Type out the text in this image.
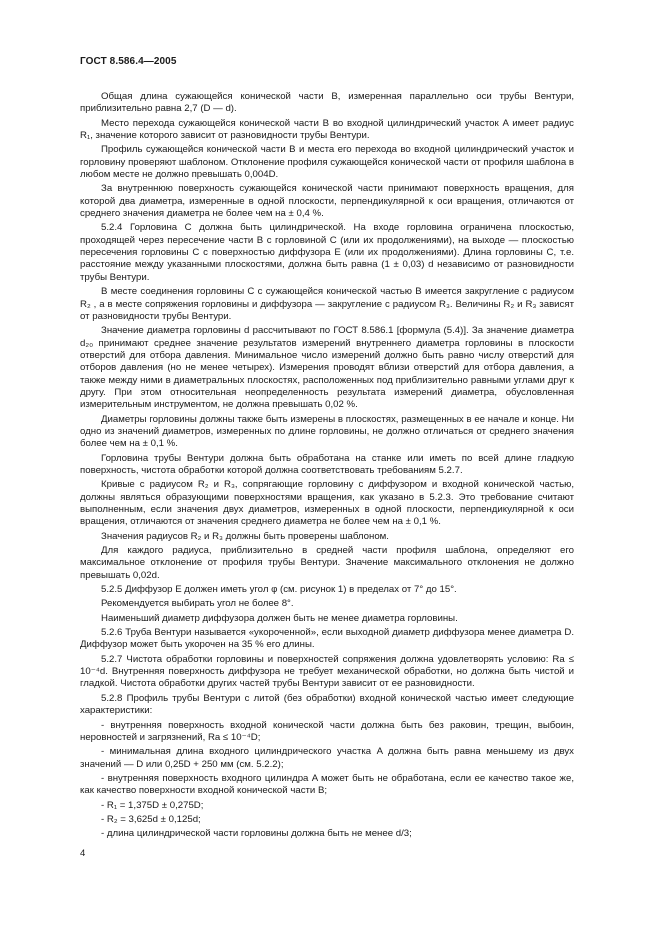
ГОСТ 8.586.4—2005

Общая длина сужающейся конической части B, измеренная параллельно оси трубы Вентури, приблизительно равна 2,7 (D — d).

Место перехода сужающейся конической части B во входной цилиндрический участок A имеет радиус R₁, значение которого зависит от разновидности трубы Вентури.

Профиль сужающейся конической части B и места его перехода во входной цилиндрический участок и горловину проверяют шаблоном. Отклонение профиля сужающейся конической части от профиля шаблона в любом месте не должно превышать 0,004D.

За внутреннюю поверхность сужающейся конической части принимают поверхность вращения, для которой два диаметра, измеренные в одной плоскости, перпендикулярной к оси вращения, отличаются от среднего значения диаметра не более чем на ± 0,4 %.

5.2.4 Горловина C должна быть цилиндрической. На входе горловина ограничена плоскостью, проходящей через пересечение части B с горловиной C (или их продолжениями), на выходе — плоскостью пересечения горловины C с поверхностью диффузора E (или их продолжениями). Длина горловины C, т.е. расстояние между указанными плоскостями, должна быть равна (1 ± 0,03) d независимо от разновидности трубы Вентури.

В месте соединения горловины C с сужающейся конической частью B имеется закругление с радиусом R₂ , а в месте сопряжения горловины и диффузора — закругление с радиусом R₃. Величины R₂ и R₃ зависят от разновидности трубы Вентури.

Значение диаметра горловины d рассчитывают по ГОСТ 8.586.1 [формула (5.4)]. За значение диаметра d₂₀ принимают среднее значение результатов измерений внутреннего диаметра горловины в плоскости отверстий для отбора давления. Минимальное число измерений должно быть равно числу отверстий для отборов давления (но не менее четырех). Измерения проводят вблизи отверстий для отбора давления, а также между ними в диаметральных плоскостях, расположенных под приблизительно равными углами друг к другу. При этом относительная неопределенность результата измерений диаметра, обусловленная измерительным инструментом, не должна превышать 0,02 %.

Диаметры горловины должны также быть измерены в плоскостях, размещенных в ее начале и конце. Ни одно из значений диаметров, измеренных по длине горловины, не должно отличаться от среднего значения более чем на ± 0,1 %.

Горловина трубы Вентури должна быть обработана на станке или иметь по всей длине гладкую поверхность, чистота обработки которой должна соответствовать требованиям 5.2.7.

Кривые с радиусом R₂ и R₃, сопрягающие горловину с диффузором и входной конической частью, должны являться образующими поверхностями вращения, как указано в 5.2.3. Это требование считают выполненным, если значения двух диаметров, измеренных в одной плоскости, перпендикулярной к оси вращения, отличаются от значения среднего диаметра не более чем на ± 0,1 %.

Значения радиусов R₂ и R₃ должны быть проверены шаблоном.

Для каждого радиуса, приблизительно в средней части профиля шаблона, определяют его максимальное отклонение от профиля трубы Вентури. Значение максимального отклонения не должно превышать 0,02d.

5.2.5 Диффузор E должен иметь угол φ (см. рисунок 1) в пределах от 7° до 15°.

Рекомендуется выбирать угол не более 8°.

Наименьший диаметр диффузора должен быть не менее диаметра горловины.

5.2.6 Труба Вентури называется «укороченной», если выходной диаметр диффузора менее диаметра D. Диффузор может быть укорочен на 35 % его длины.

5.2.7 Чистота обработки горловины и поверхностей сопряжения должна удовлетворять условию: Ra ≤ 10⁻⁴d. Внутренняя поверхность диффузора не требует механической обработки, но должна быть чистой и гладкой. Чистота обработки других частей трубы Вентури зависит от ее разновидности.

5.2.8 Профиль трубы Вентури с литой (без обработки) входной конической частью имеет следующие характеристики:

- внутренняя поверхность входной конической части должна быть без раковин, трещин, выбоин, неровностей и загрязнений, Ra ≤ 10⁻⁴D;

- минимальная длина входного цилиндрического участка A должна быть равна меньшему из двух значений — D или 0,25D + 250 мм (см. 5.2.2);

- внутренняя поверхность входного цилиндра A может быть не обработана, если ее качество такое же, как качество поверхности входной конической части B;

- R₁ = 1,375D ± 0,275D;

- R₂ = 3,625d ± 0,125d;

- длина цилиндрической части горловины должна быть не менее d/3;

4
